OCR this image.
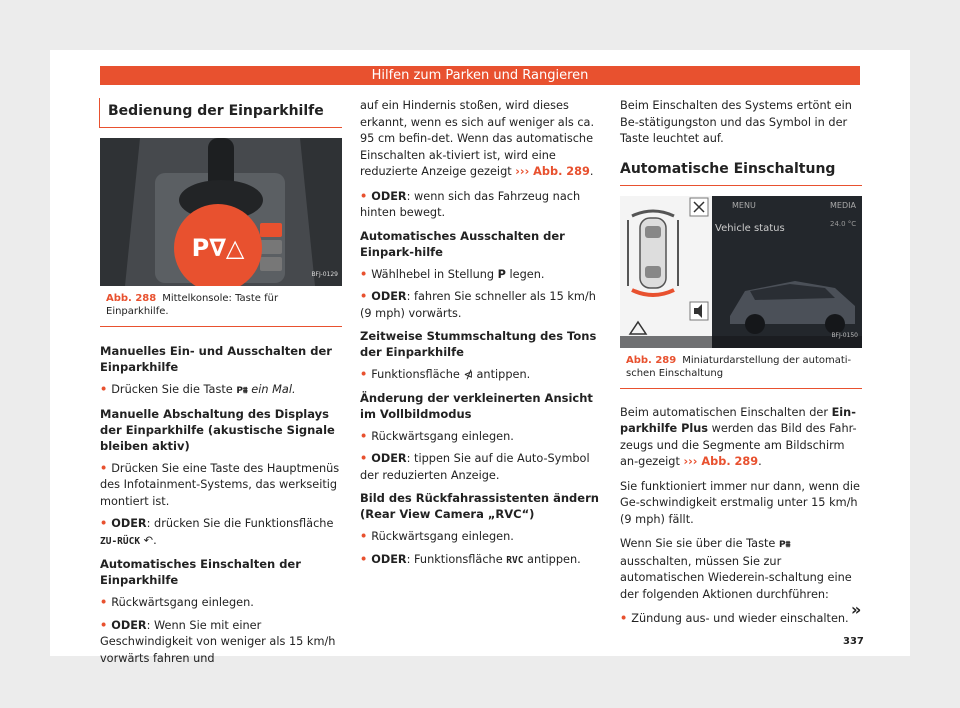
Hilfen zum Parken und Rangieren
Bedienung der Einparkhilfe
P∇△
BFJ-0129
Abb. 288 Mittelkonsole: Taste für Einparkhilfe.
Manuelles Ein- und Ausschalten der Einparkhilfe
• Drücken Sie die Taste P⩩ ein Mal.
Manuelle Abschaltung des Displays der Einparkhilfe (akustische Signale bleiben aktiv)
• Drücken Sie eine Taste des Hauptmenüs des Infotainment-Systems, das werkseitig montiert ist.
• ODER: drücken Sie die Funktionsfläche ZU-RÜCK ↶.
Automatisches Einschalten der Einparkhilfe
• Rückwärtsgang einlegen.
• ODER: Wenn Sie mit einer Geschwindigkeit von weniger als 15 km/h vorwärts fahren und

auf ein Hindernis stoßen, wird dieses erkannt, wenn es sich auf weniger als ca. 95 cm befin-det. Wenn das automatische Einschalten ak-tiviert ist, wird eine reduzierte Anzeige gezeigt ››› Abb. 289.

• ODER: wenn sich das Fahrzeug nach hinten bewegt.
Automatisches Ausschalten der Einpark-hilfe
• Wählhebel in Stellung P legen.
• ODER: fahren Sie schneller als 15 km/h (9 mph) vorwärts.
Zeitweise Stummschaltung des Tons der Einparkhilfe
• Funktionsfläche ⋪ antippen.
Änderung der verkleinerten Ansicht im Vollbildmodus
• Rückwärtsgang einlegen.
• ODER: tippen Sie auf die Auto-Symbol der reduzierten Anzeige.
Bild des Rückfahrassistenten ändern (Rear View Camera „RVC“)
• Rückwärtsgang einlegen.
• ODER: Funktionsfläche RVC antippen.

Beim Einschalten des Systems ertönt ein Be-stätigungston und das Symbol in der Taste leuchtet auf.

Automatische Einschaltung
MENU	MEDIA
Vehicle status	24.0 °C
BFJ-0150
Abb. 289 Miniaturdarstellung der automati-schen Einschaltung

Beim automatischen Einschalten der Ein-parkhilfe Plus werden das Bild des Fahr-zeugs und die Segmente am Bildschirm an-gezeigt ››› Abb. 289.

Sie funktioniert immer nur dann, wenn die Ge-schwindigkeit erstmalig unter 15 km/h (9 mph) fällt.

Wenn Sie sie über die Taste P⩩ ausschalten, müssen Sie zur automatischen Wiederein-schaltung eine der folgenden Aktionen durchführen:

• Zündung aus- und wieder einschalten. »
337
